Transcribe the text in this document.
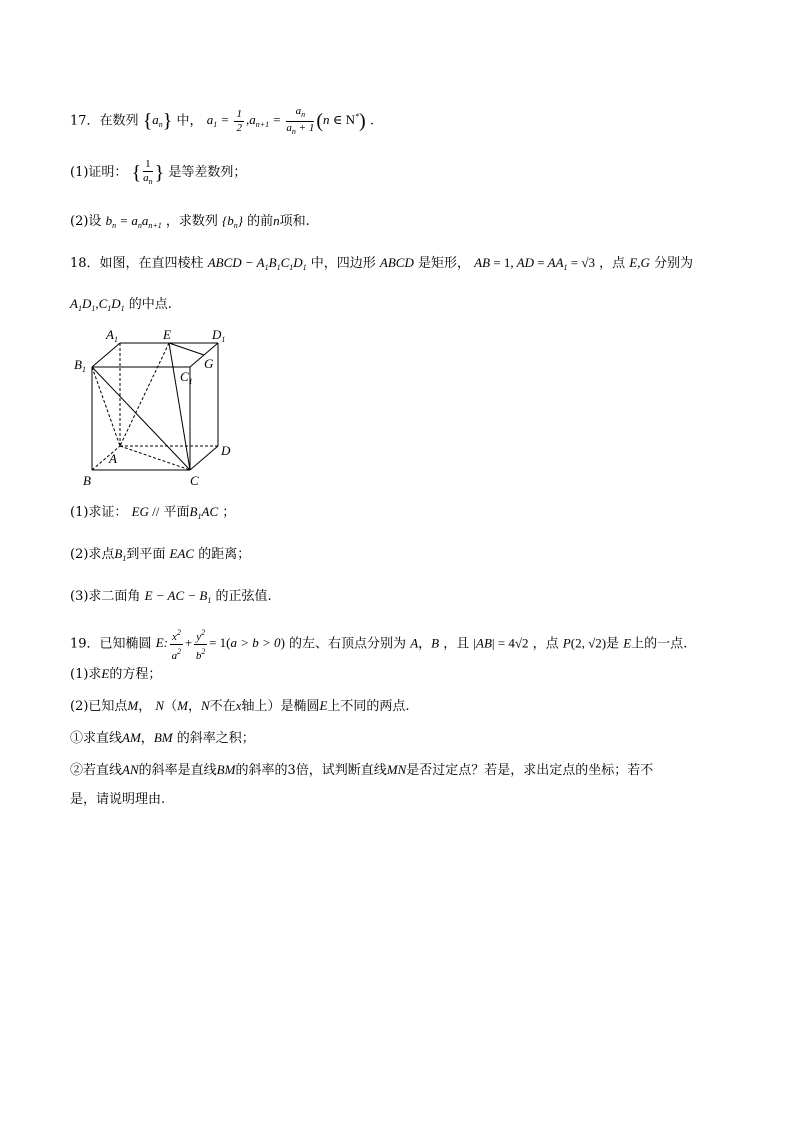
17．在数列 $\{a_n\}$ 中， $a_1 = \frac{1}{2} ,a_{n+1} = \frac{a_n}{a_n + 1} (n$ ∈ N*) .
(1)证明： { $\frac{1}{a_n}$ } 是等差数列；
(2)设 $b_n = a_na_{n+1}$ ，求数列 $\{b_n\}$ 的前n项和.
18．如图，在直四棱柱 ABCD − $A_1B_1C_1D_1$ 中，四边形 ABCD 是矩形， AB = 1, AD = $AA_1 = √3$ ，点 E,G 分别为
$A_1D_1,C_1D_1$ 的中点.
$A_1$	E	$D_1$
$B_1$	$C_1$
G
A
D
B	C
(1)求证： EG // 平面$B_1AC$ ；
(2)求点$B_1$到平面 EAC 的距离；
(3)求二面角 E − AC − $B_1$ 的正弦值.
19．已知椭圆 E: $\frac{x^2}{a^2} + \frac{y^2}{b^2} = 1(a > b > 0)$ 的左、右顶点分别为 A，B ，且 |AB| = 4√2 ，点 P(2, √2)是 E上的一点.
(1)求E的方程；
(2)已知点M， N（M，N不在x轴上）是椭圆E上不同的两点.
①求直线AM，BM 的斜率之积；
②若直线AN的斜率是直线BM的斜率的3倍，试判断直线MN是否过定点？若是，求出定点的坐标；若不
是，请说明理由.
